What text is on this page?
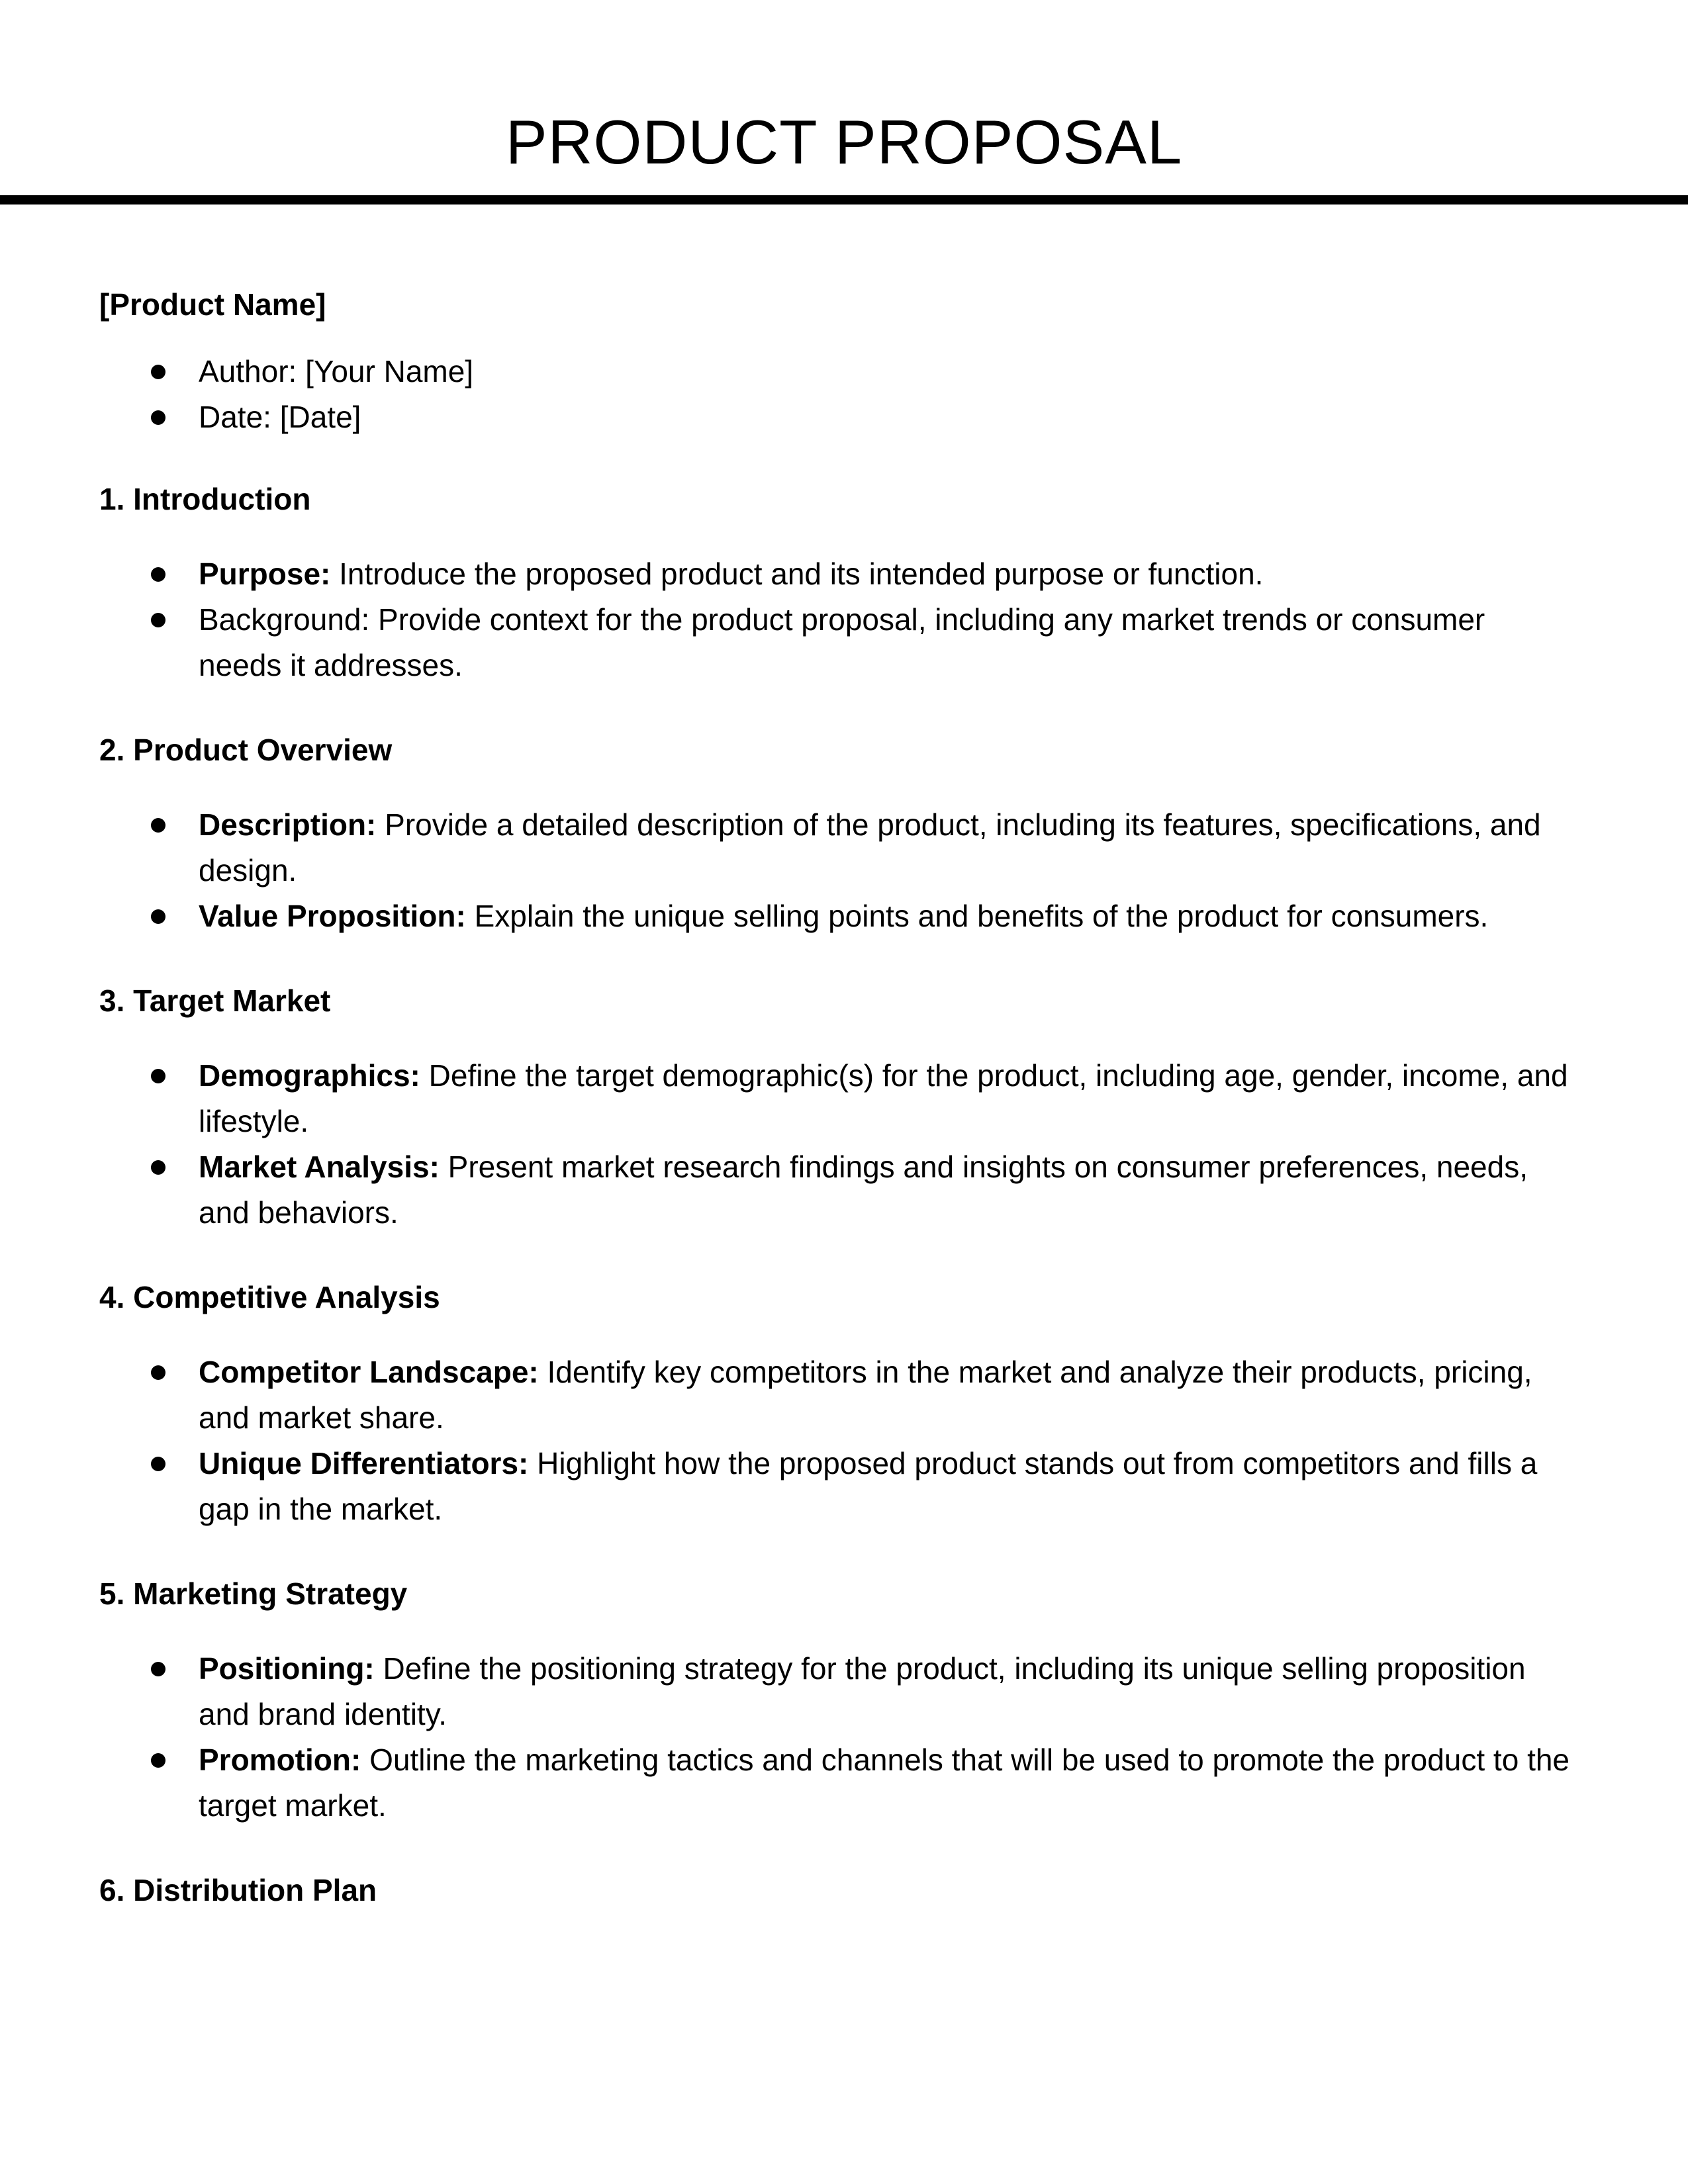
PRODUCT PROPOSAL
[Product Name]
Author: [Your Name]
Date: [Date]
1. Introduction
Purpose: Introduce the proposed product and its intended purpose or function.
Background: Provide context for the product proposal, including any market trends or consumer needs it addresses.
2. Product Overview
Description: Provide a detailed description of the product, including its features, specifications, and design.
Value Proposition: Explain the unique selling points and benefits of the product for consumers.
3. Target Market
Demographics: Define the target demographic(s) for the product, including age, gender, income, and lifestyle.
Market Analysis: Present market research findings and insights on consumer preferences, needs, and behaviors.
4. Competitive Analysis
Competitor Landscape: Identify key competitors in the market and analyze their products, pricing, and market share.
Unique Differentiators: Highlight how the proposed product stands out from competitors and fills a gap in the market.
5. Marketing Strategy
Positioning: Define the positioning strategy for the product, including its unique selling proposition and brand identity.
Promotion: Outline the marketing tactics and channels that will be used to promote the product to the target market.
6. Distribution Plan
